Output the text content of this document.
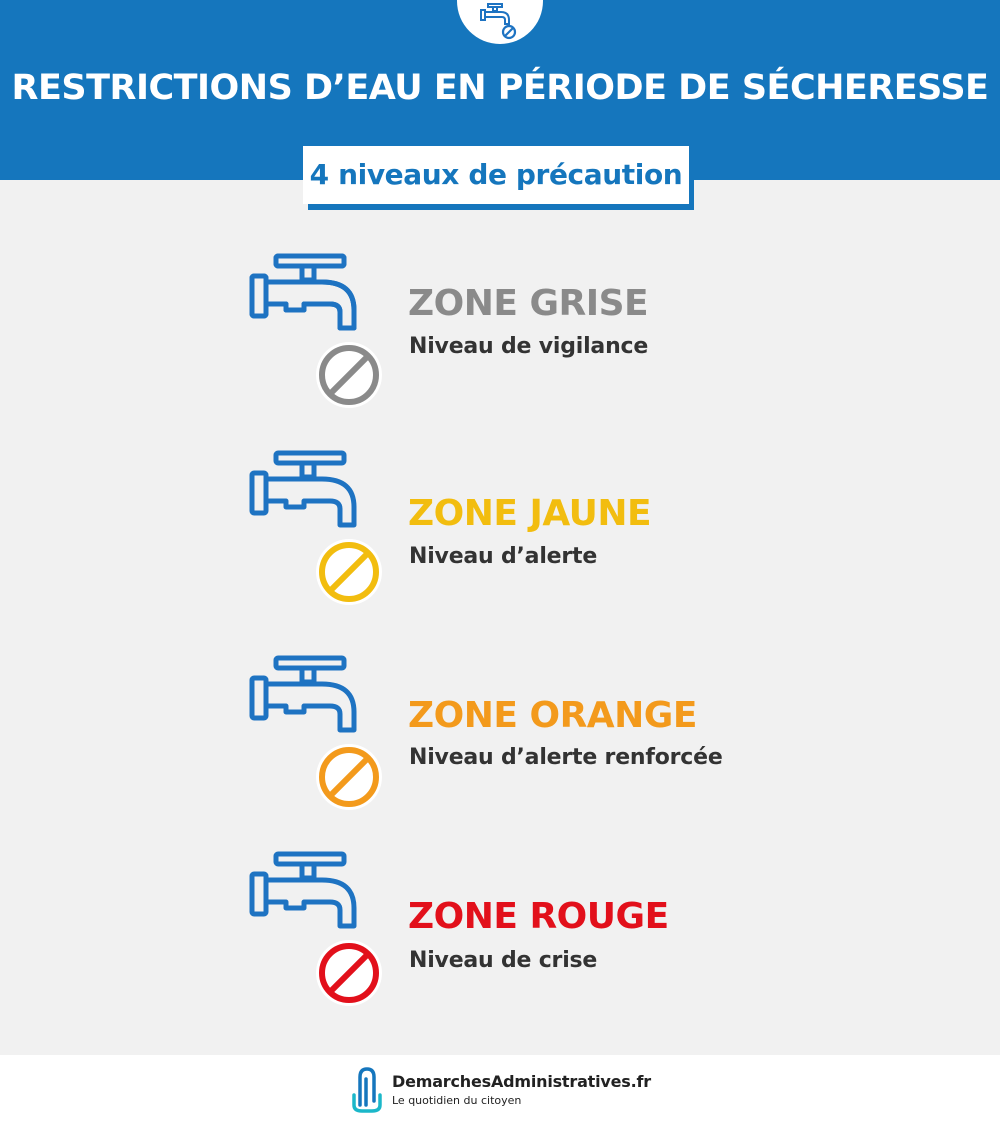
RESTRICTIONS D’EAU EN PÉRIODE DE SÉCHERESSE
4 niveaux de précaution
ZONE GRISE
Niveau de vigilance
ZONE JAUNE
Niveau d’alerte
ZONE ORANGE
Niveau d’alerte renforcée
ZONE ROUGE
Niveau de crise
DemarchesAdministratives.fr
Le quotidien du citoyen
